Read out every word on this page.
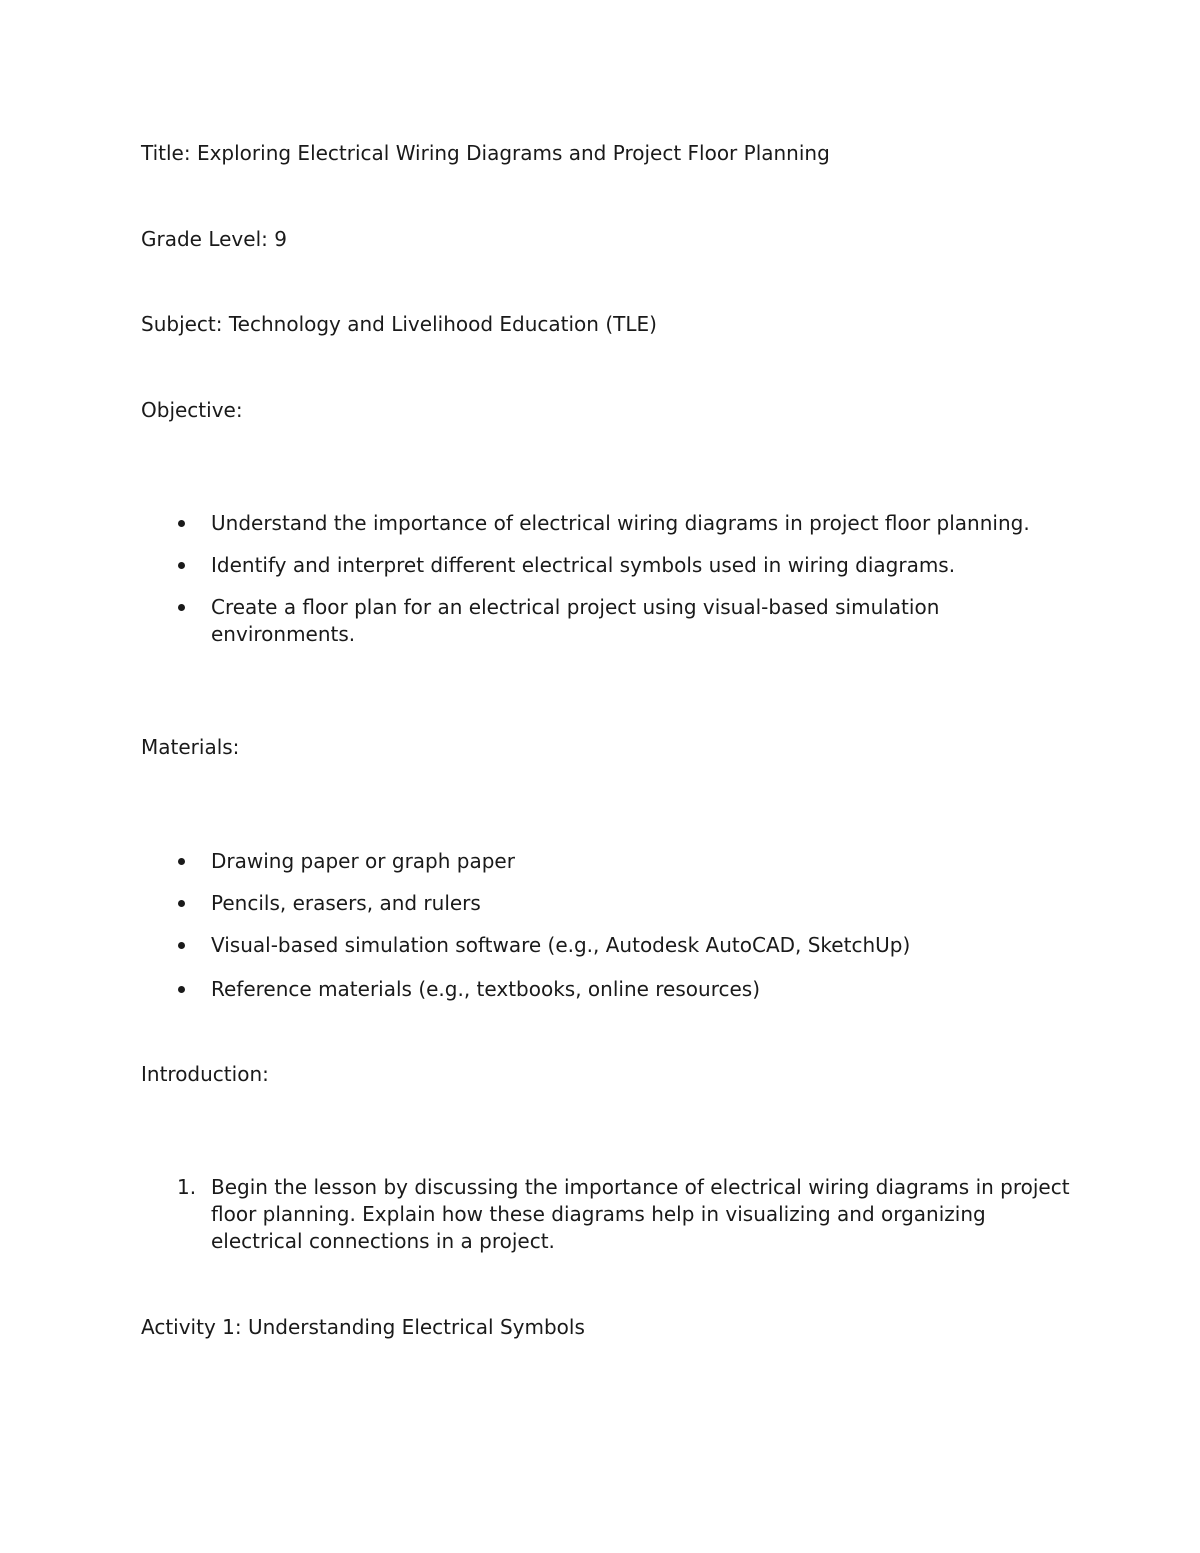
Title: Exploring Electrical Wiring Diagrams and Project Floor Planning

Grade Level: 9

Subject: Technology and Livelihood Education (TLE)

Objective:

Understand the importance of electrical wiring diagrams in project floor planning.
Identify and interpret different electrical symbols used in wiring diagrams.
Create a floor plan for an electrical project using visual-based simulation environments.

Materials:

Drawing paper or graph paper
Pencils, erasers, and rulers
Visual-based simulation software (e.g., Autodesk AutoCAD, SketchUp)
Reference materials (e.g., textbooks, online resources)

Introduction:

1. Begin the lesson by discussing the importance of electrical wiring diagrams in project floor planning. Explain how these diagrams help in visualizing and organizing electrical connections in a project.

Activity 1: Understanding Electrical Symbols
